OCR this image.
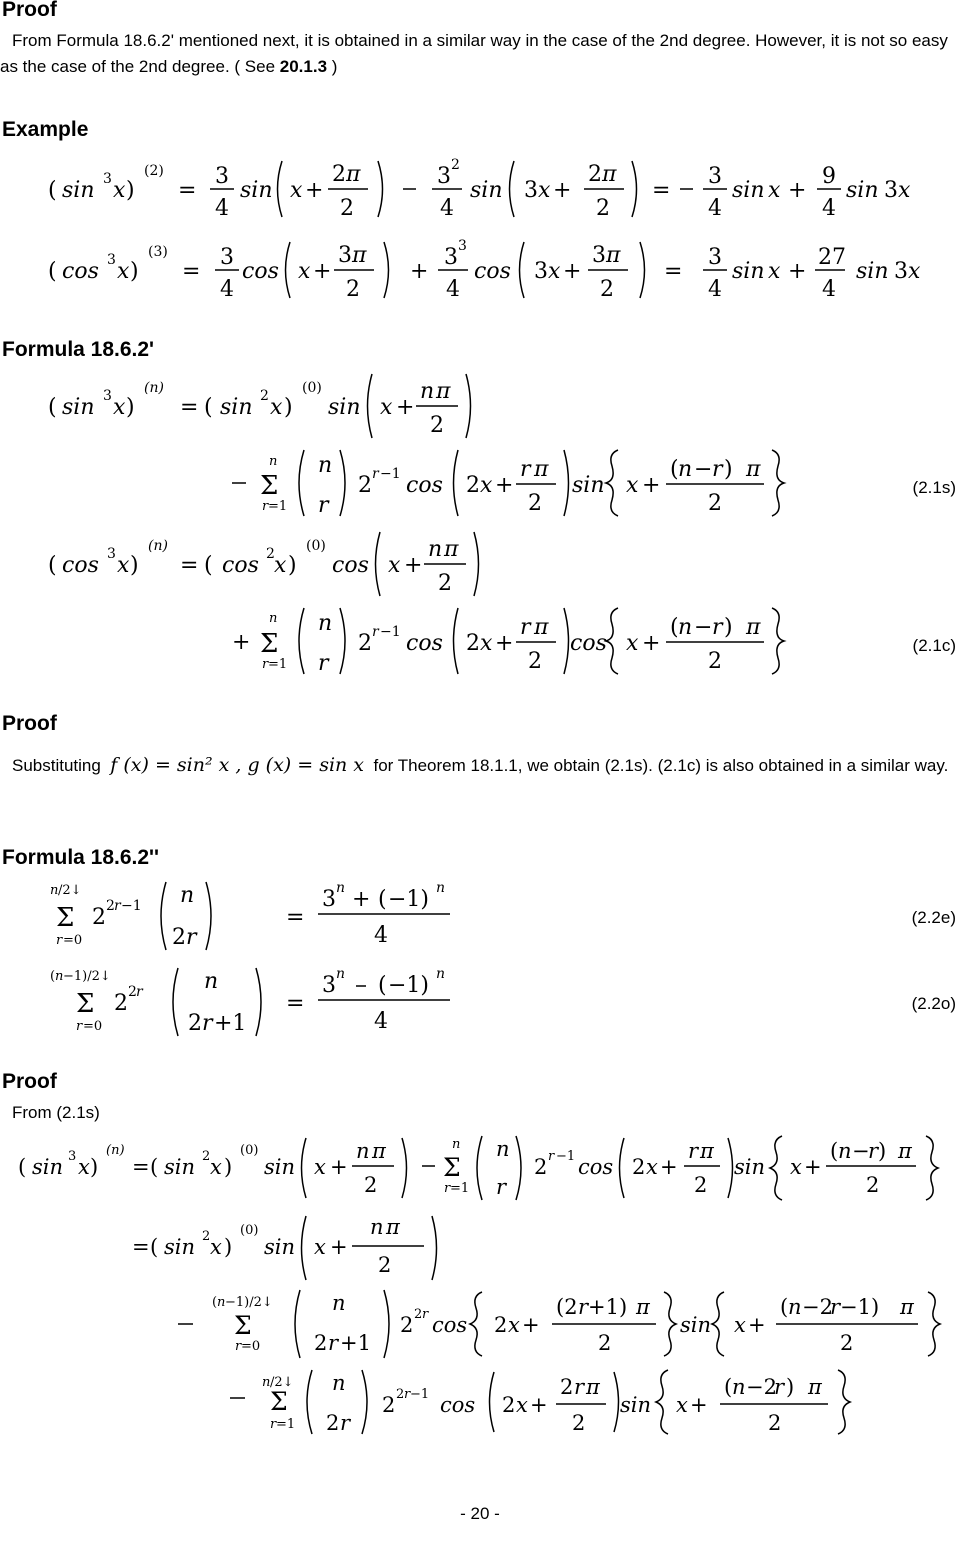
Proof
From Formula 18.6.2' mentioned next, it is obtained in a similar way in the case of the 2nd degree. However, it is not so easy as the case of the 2nd degree. ( See 20.1.3 )
Example
( sin 3 x )
(2)
=
3
4
sin x +
2 π
2
3 2
4
sin 3 x +
2 π
2
=
3
4
sin x +
9
4
sin 3 x
( cos 3 x )
(3)
=
3
4
cos x +
3 π
2
+
3 3
4
cos 3 x +
3 π
2
=
3
4
sin x +
27
4
sin 3 x
Formula 18.6.2'
( sin 3 x )
(n)
= ( sin 2 x )
(0)
sin x +
n π
2
n
Σ
r =1
n
r
2 r −1 cos 2 x +
r π
2
sin x +
( n − r ) π
2
( cos 3 x )
(n)
= ( cos 2 x )
(0)
cos x +
n π
2
+
n
Σ
r =1
n
r
2 r −1 cos 2 x +
r π
2
cos x +
( n − r ) π
2
(2.1s)
(2.1c)
Proof
Substituting f (x) = sin² x , g (x) = sin x for Theorem 18.1.1, we obtain (2.1s). (2.1c) is also obtained in a similar way.
Formula 18.6.2''
n /2↓
Σ
r =0
2 2 r −1 n
2 r
=
3 n + ( −1) n
4
( n −1)/2↓
Σ
r =0
2 2 r	n
2 r +1
=
3 n ( −1) n
4
(2.2e)
(2.2o)
Proof
From (2.1s)
( sin 3 x )
(n)
= ( sin 2 x )
(0)
sin x +
n π
2
n
Σ
r =1
n
r
2 r −1 cos 2 x +
r π
2
sin x +
( n −
r ) π
2
= ( sin 2 x )
(0)
sin x +
n π
2
( n −1)/2↓
Σ
r =0
n
2 r +1
2 2 r cos 2 x +
(2 r +1) π
2
sin x +
( n −2
r −1) π
2
n /2↓
Σ
r =1
n
2 r
2 2 r −1 cos 2 x +
2 r π
2
sin x +
( n −2
r ) π
2
- 20 -
